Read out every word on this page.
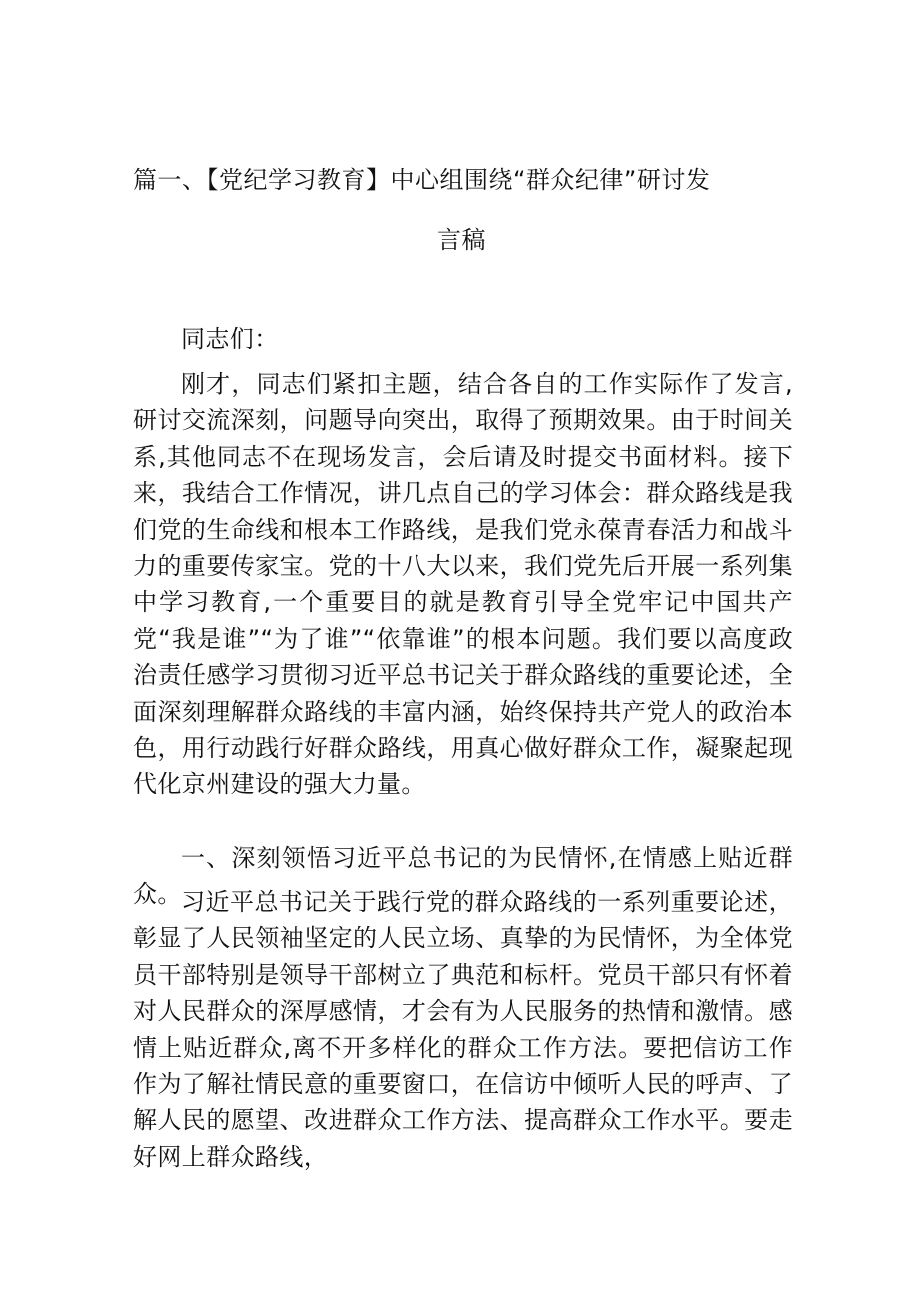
篇一、【党纪学习教育】中心组围绕“群众纪律”研讨发
言稿
同志们：

刚才，同志们紧扣主题，结合各自的工作实际作了发言,研讨交流深刻，问题导向突出，取得了预期效果。由于时间关系,其他同志不在现场发言，会后请及时提交书面材料。接下来，我结合工作情况，讲几点自己的学习体会：群众路线是我们党的生命线和根本工作路线，是我们党永葆青春活力和战斗力的重要传家宝。党的十八大以来，我们党先后开展一系列集中学习教育,一个重要目的就是教育引导全党牢记中国共产党“我是谁”“为了谁”“依靠谁”的根本问题。我们要以高度政治责任感学习贯彻习近平总书记关于群众路线的重要论述，全面深刻理解群众路线的丰富内涵，始终保持共产党人的政治本色，用行动践行好群众路线，用真心做好群众工作，凝聚起现代化京州建设的强大力量。

一、深刻领悟习近平总书记的为民情怀,在情感上贴近群众。 习近平总书记关于践行党的群众路线的一系列重要论述，彰显了人民领袖坚定的人民立场、真挚的为民情怀，为全体党员干部特别是领导干部树立了典范和标杆。党员干部只有怀着对人民群众的深厚感情，才会有为人民服务的热情和激情。感情上贴近群众,离不开多样化的群众工作方法。要把信访工作作为了解社情民意的重要窗口，在信访中倾听人民的呼声、了解人民的愿望、改进群众工作方法、提高群众工作水平。要走好网上群众路线，
